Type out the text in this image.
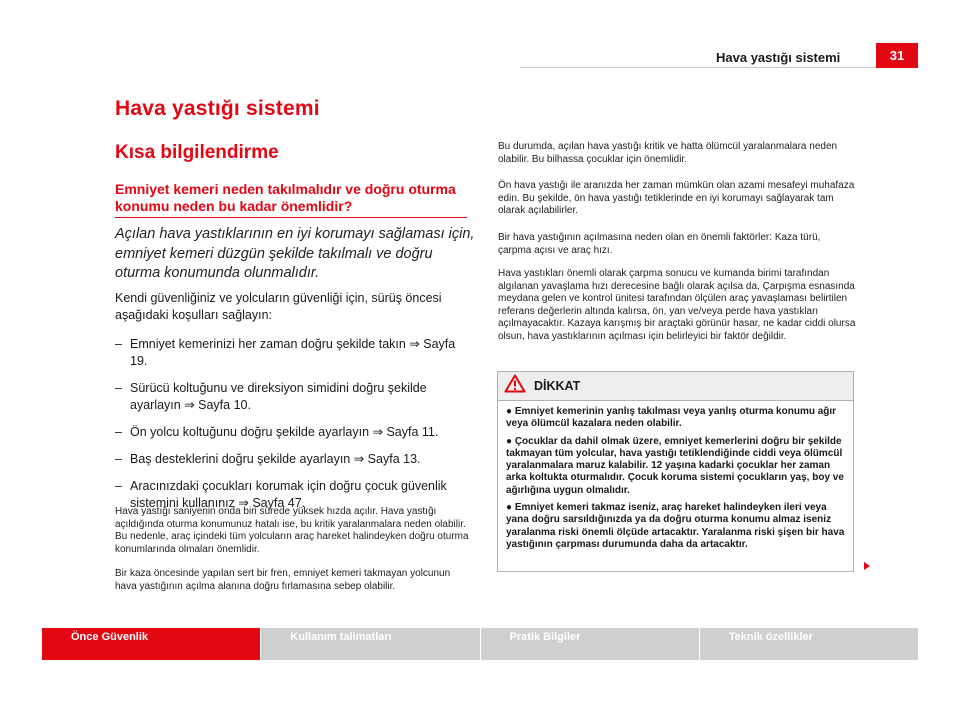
Hava yastığı sistemi	31
Hava yastığı sistemi
Kısa bilgilendirme
Emniyet kemeri neden takılmalıdır ve doğru oturma konumu neden bu kadar önemlidir?

Açılan hava yastıklarının en iyi korumayı sağlaması için, emniyet kemeri düzgün şekilde takılmalı ve doğru oturma konumunda olunmalıdır.

Kendi güvenliğiniz ve yolcuların güvenliği için, sürüş öncesi aşağıdaki koşulları sağlayın:

– Emniyet kemerinizi her zaman doğru şekilde takın ⇒ Sayfa 19.
– Sürücü koltuğunu ve direksiyon simidini doğru şekilde ayarlayın ⇒ Sayfa 10.
– Ön yolcu koltuğunu doğru şekilde ayarlayın ⇒ Sayfa 11.
– Baş desteklerini doğru şekilde ayarlayın ⇒ Sayfa 13.
– Aracınızdaki çocukları korumak için doğru çocuk güvenlik sistemini kullanınız ⇒ Sayfa 47.

Hava yastığı saniyenin onda biri sürede yüksek hızda açılır. Hava yastığı açıldığında oturma konumunuz hatalı ise, bu kritik yaralanmalara neden olabilir. Bu nedenle, araç içindeki tüm yolcuların araç hareket halindeyken doğru oturma konumlarında olmaları önemlidir.

Bir kaza öncesinde yapılan sert bir fren, emniyet kemeri takmayan yolcunun hava yastığının açılma alanına doğru fırlamasına sebep olabilir.

Bu durumda, açılan hava yastığı kritik ve hatta ölümcül yaralanmalara neden olabilir. Bu bilhassa çocuklar için önemlidir.

Ön hava yastığı ile aranızda her zaman mümkün olan azami mesafeyi muhafaza edin. Bu şekilde, ön hava yastığı tetiklerinde en iyi korumayı sağlayarak tam olarak açılabilirler.

Bir hava yastığının açılmasına neden olan en önemli faktörler: Kaza türü, çarpma açısı ve araç hızı.

Hava yastıkları önemli olarak çarpma sonucu ve kumanda birimi tarafından algılanan yavaşlama hızı derecesine bağlı olarak açılsa da, Çarpışma esnasında meydana gelen ve kontrol ünitesi tarafından ölçülen araç yavaşlaması belirtilen referans değerlerin altında kalırsa, ön, yan ve/veya perde hava yastıkları açılmayacaktır. Kazaya karışmış bir araçtaki görünür hasar, ne kadar ciddi olursa olsun, hava yastıklarının açılması için belirleyici bir faktör değildir.

DİKKAT

● Emniyet kemerinin yanlış takılması veya yanlış oturma konumu ağır veya ölümcül kazalara neden olabilir.

● Çocuklar da dahil olmak üzere, emniyet kemerlerini doğru bir şekilde takmayan tüm yolcular, hava yastığı tetiklendiğinde ciddi veya ölümcül yaralanmalara maruz kalabilir. 12 yaşına kadarki çocuklar her zaman arka koltukta oturmalıdır. Çocuk koruma sistemi çocukların yaş, boy ve ağırlığına uygun olmalıdır.

● Emniyet kemeri takmaz iseniz, araç hareket halindeyken ileri veya yana doğru sarsıldığınızda ya da doğru oturma konumu almaz iseniz yaralanma riski önemli ölçüde artacaktır. Yaralanma riski şişen bir hava yastığının çarpması durumunda daha da artacaktır.

Önce Güvenlik	Kullanım talimatları	Pratik Bilgiler	Teknik özellikler
